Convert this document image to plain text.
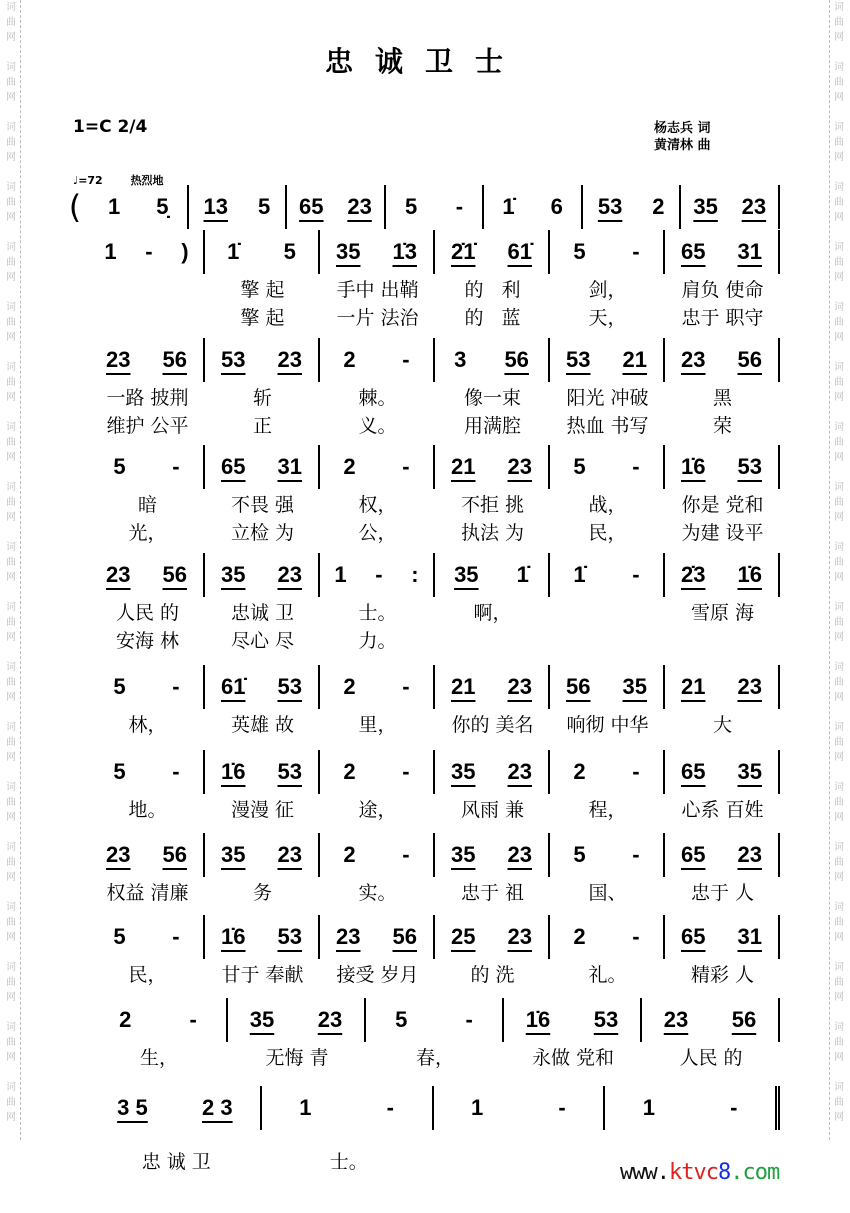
词
曲
网

词
曲
网

词
曲
网

词
曲
网

词
曲
网

词
曲
网

词
曲
网

词
曲
网

词
曲
网

词
曲
网

词
曲
网

词
曲
网

词
曲
网

词
曲
网

词
曲
网

词
曲
网

词
曲
网

词
曲
网

词
曲
网

词
曲
网

词
曲
网

词
曲
网

词
曲
网

词
曲
网

词
曲
网

词
曲
网

词
曲
网

词
曲
网

词
曲
网

词
曲
网

词
曲
网

词
曲
网

词
曲
网

词
曲
网

词
曲
网

词
曲
网

词
曲
网

词
曲
网

忠诚卫士
1=C 2/4	杨志兵 词
黄清林 曲
♩=72	热烈地
(	1 5̣ 13 5 65 23 5 - 1̇ 6 53 2 35 23
1 - ) 1̇ 5 35 1̇3 2̇1̇ 61̇ 5 - 65 31
擎 起	手中 出鞘	的   利	剑，	肩负 使命
擎 起	一片 法治	的   蓝	天，	忠于 职守
23 56 53 23 2 - 3 56 53 21 23 56
一路 披荆	斩	棘。	像一束	阳光 冲破	黑
维护 公平	正	义。	用满腔	热血 书写	荣
5 - 65 31 2 - 21 23 5 - 1̇6 53
暗	不畏 强	权，	不拒 挑	战，	你是 党和
光，	立检 为	公，	执法 为	民，	为建 设平
23 56 35 23 1 - : 35 1̇ 1̇ - 2̇3 1̇6
人民 的	忠诚 卫	士。	啊，	雪原 海
安海 林	尽心 尽	力。
5 - 61̇ 53 2 - 21 23 56 35 21 23
林，	英雄 故	里，	你的 美名	响彻 中华	大
5 - 1̇6 53 2 - 35 23 2 - 65 35
地。	漫漫 征	途，	风雨 兼	程，	心系 百姓
23 56 35 23 2 - 35 23 5 - 65 23
权益 清廉	务	实。	忠于 祖	国、	忠于 人
5 - 1̇6 53 23 56 25 23 2 - 65 31
民，	甘于 奉献	接受 岁月	的 洗	礼。	精彩 人
2	- 35 23 5	- 1̇6 53 23 56
生，	无悔 青	春，	永做 党和	人民 的
3 5 2 3	1	-	1	-	1	-
忠 诚 卫	士。	www.ktvc8.com
